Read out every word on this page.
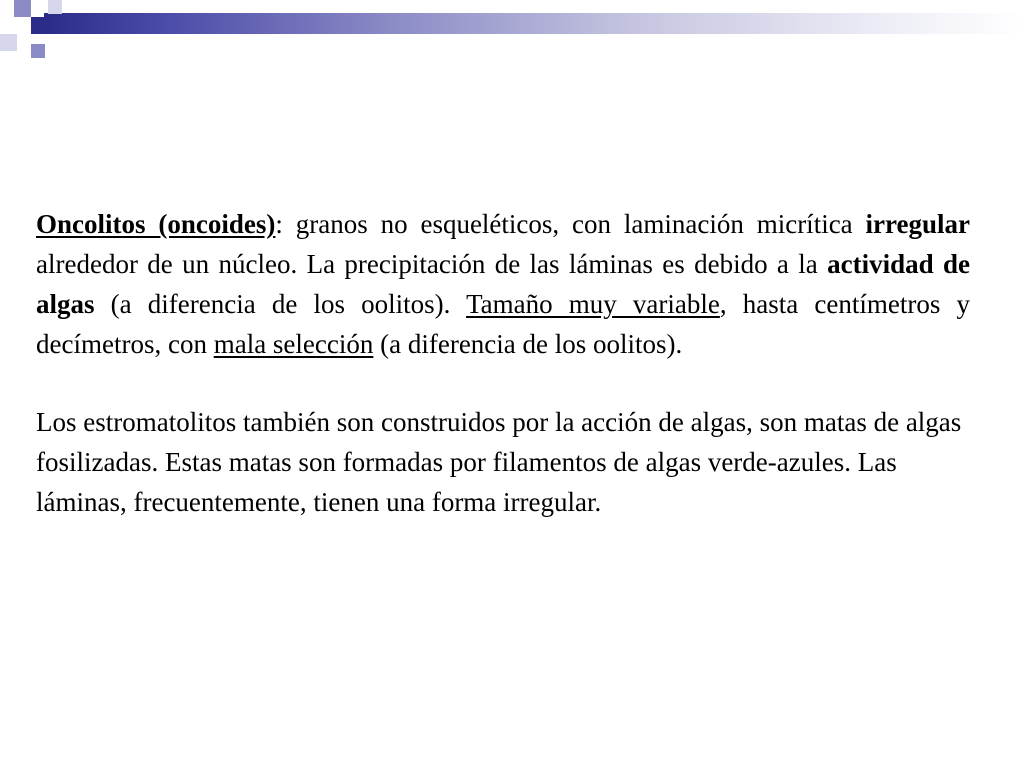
Oncolitos (oncoides): granos no esqueléticos, con laminación micrítica irregular alrededor de un núcleo. La precipitación de las láminas es debido a la actividad de algas (a diferencia de los oolitos). Tamaño muy variable, hasta centímetros y decímetros, con mala selección (a diferencia de los oolitos).

Los estromatolitos también son construidos por la acción de algas, son matas de algas fosilizadas. Estas matas son formadas por filamentos de algas verde-azules. Las láminas, frecuentemente, tienen una forma irregular.
